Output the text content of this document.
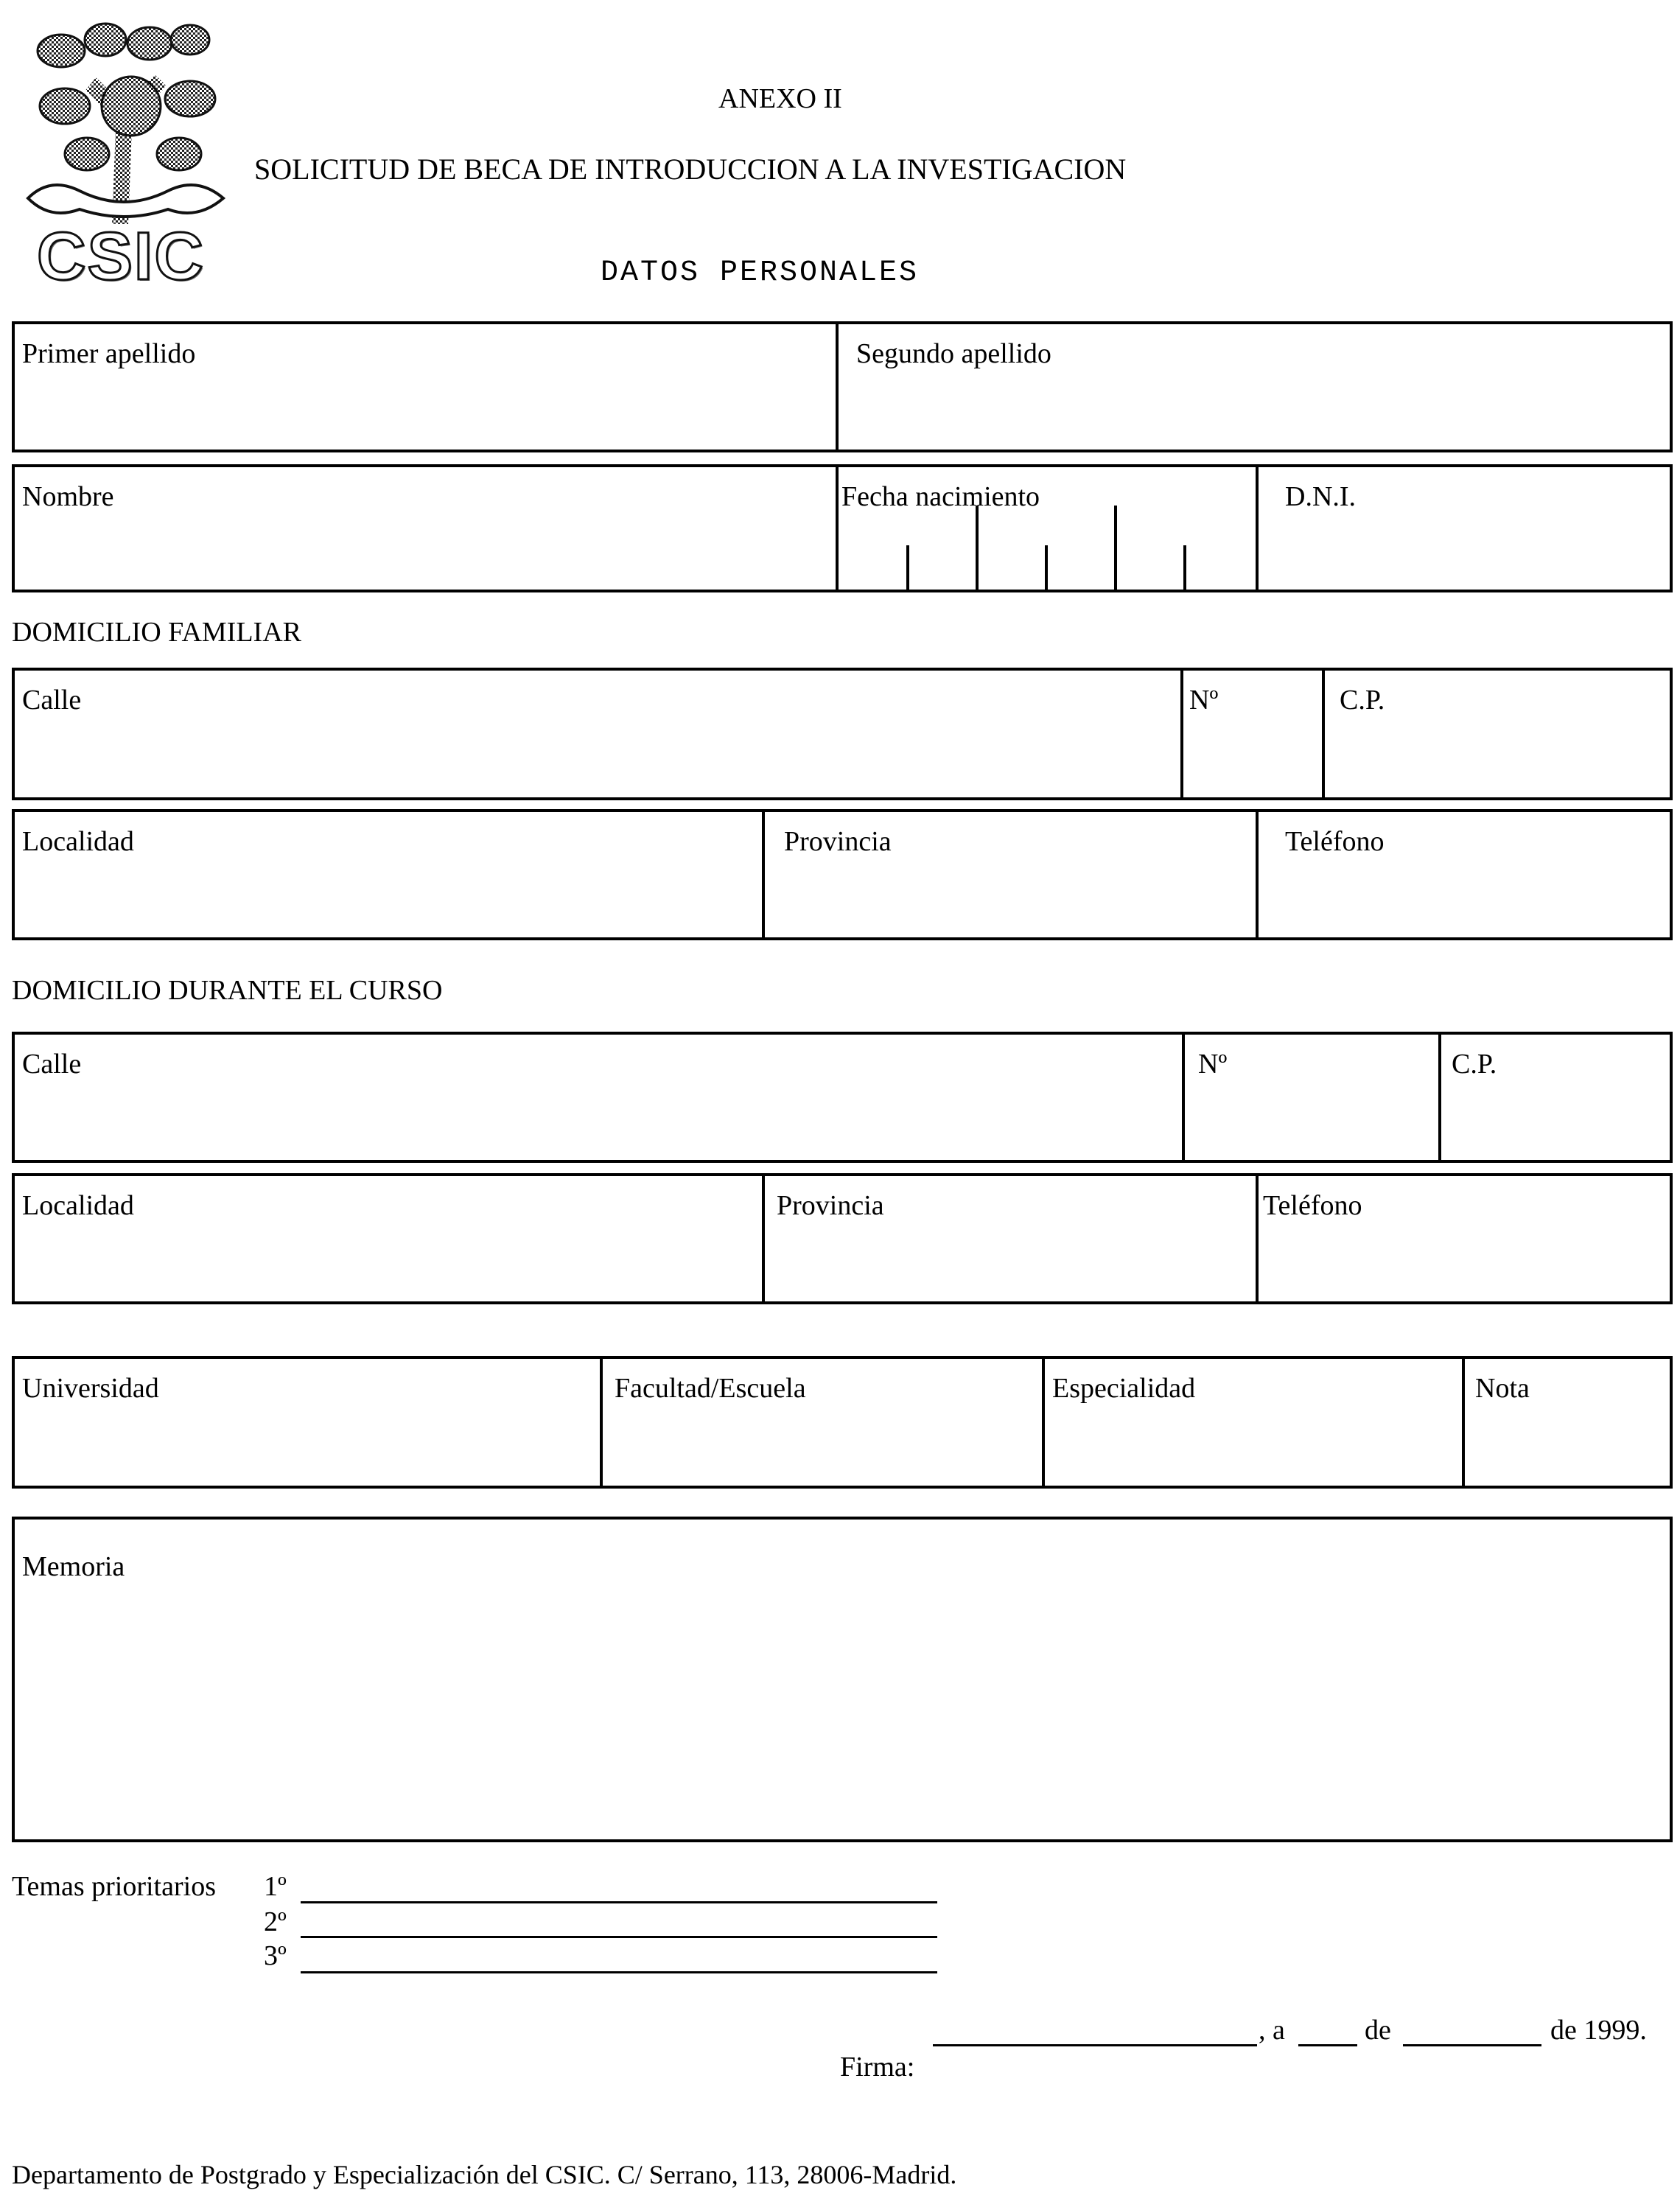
CSIC
ANEXO II
SOLICITUD DE BECA DE INTRODUCCION A LA INVESTIGACION
DATOS PERSONALES
Primer apellido	Segundo apellido
Nombre	Fecha nacimiento	D.N.I.
DOMICILIO FAMILIAR
Calle	Nº	C.P.
Localidad	Provincia	Teléfono
DOMICILIO DURANTE EL CURSO
Calle	Nº	C.P.
Localidad	Provincia	Teléfono
Universidad	Facultad/Escuela	Especialidad	Nota
Memoria
Temas prioritarios 1º
2º
3º
, a	de	de 1999.
Firma:
Departamento de Postgrado y Especialización del CSIC. C/ Serrano, 113, 28006-Madrid.
